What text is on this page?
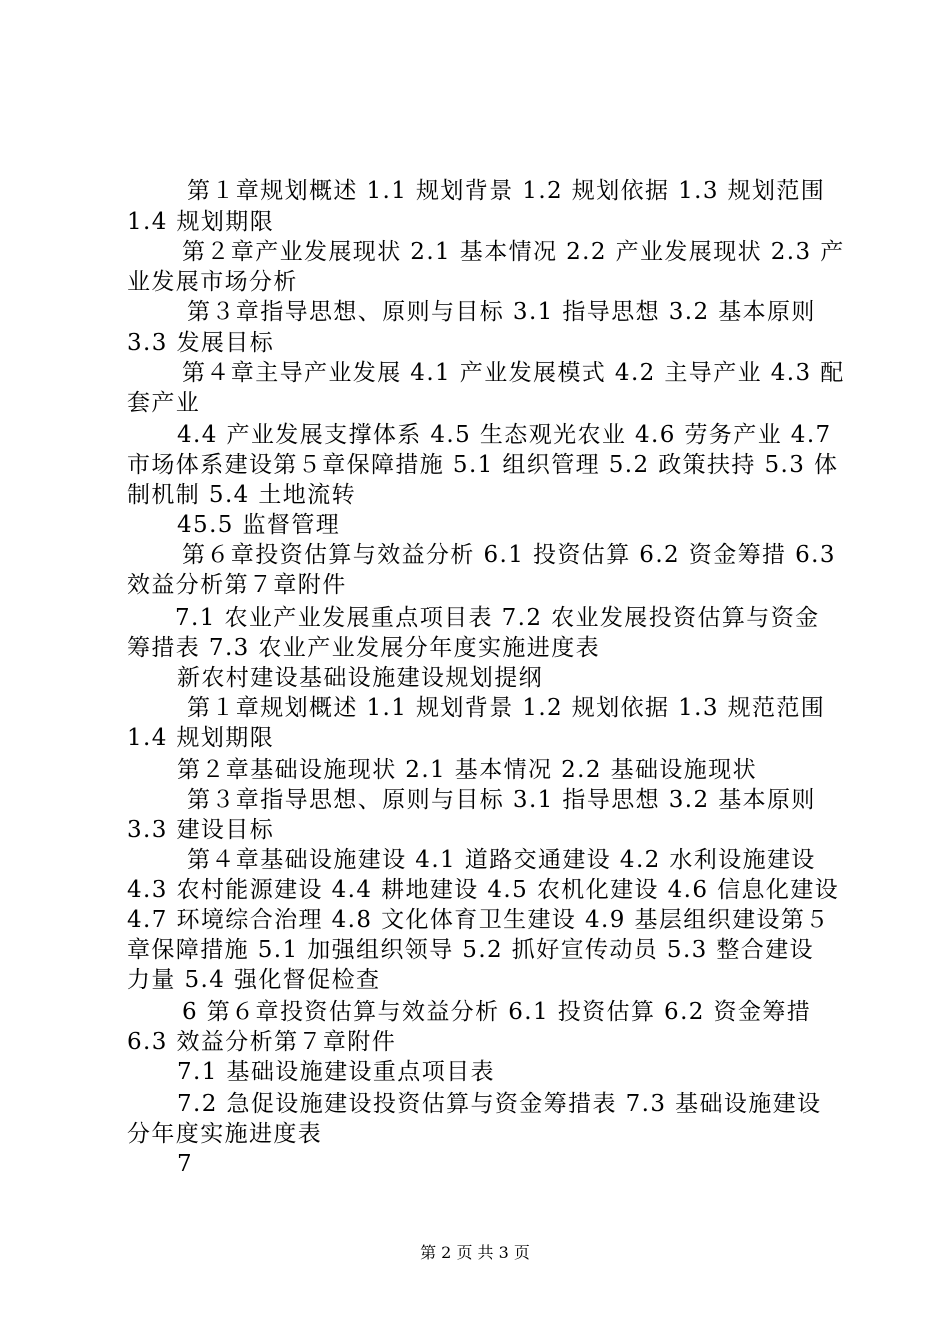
第１章规划概述 1.1 规划背景 1.2 规划依据 1.3 规划范围
1.4 规划期限
第２章产业发展现状 2.1 基本情况 2.2 产业发展现状 2.3 产
业发展市场分析
第３章指导思想、原则与目标 3.1 指导思想 3.2 基本原则
3.3 发展目标
第４章主导产业发展 4.1 产业发展模式 4.2 主导产业 4.3 配
套产业
4.4 产业发展支撑体系 4.5 生态观光农业 4.6 劳务产业 4.7
市场体系建设第５章保障措施 5.1 组织管理 5.2 政策扶持 5.3 体
制机制 5.4 土地流转
45.5 监督管理
第６章投资估算与效益分析 6.1 投资估算 6.2 资金筹措 6.3
效益分析第７章附件
7.1 农业产业发展重点项目表 7.2 农业发展投资估算与资金
筹措表 7.3 农业产业发展分年度实施进度表
新农村建设基础设施建设规划提纲
第１章规划概述 1.1 规划背景 1.2 规划依据 1.3 规范范围
1.4 规划期限
第２章基础设施现状 2.1 基本情况 2.2 基础设施现状
第３章指导思想、原则与目标 3.1 指导思想 3.2 基本原则
3.3 建设目标
第４章基础设施建设 4.1 道路交通建设 4.2 水利设施建设
4.3 农村能源建设 4.4 耕地建设 4.5 农机化建设 4.6 信息化建设
4.7 环境综合治理 4.8 文化体育卫生建设 4.9 基层组织建设第５
章保障措施 5.1 加强组织领导 5.2 抓好宣传动员 5.3 整合建设
力量 5.4 强化督促检查
6 第６章投资估算与效益分析 6.1 投资估算 6.2 资金筹措
6.3 效益分析第７章附件
7.1 基础设施建设重点项目表
7.2 急促设施建设投资估算与资金筹措表 7.3 基础设施建设
分年度实施进度表
7
第 2 页 共 3 页
